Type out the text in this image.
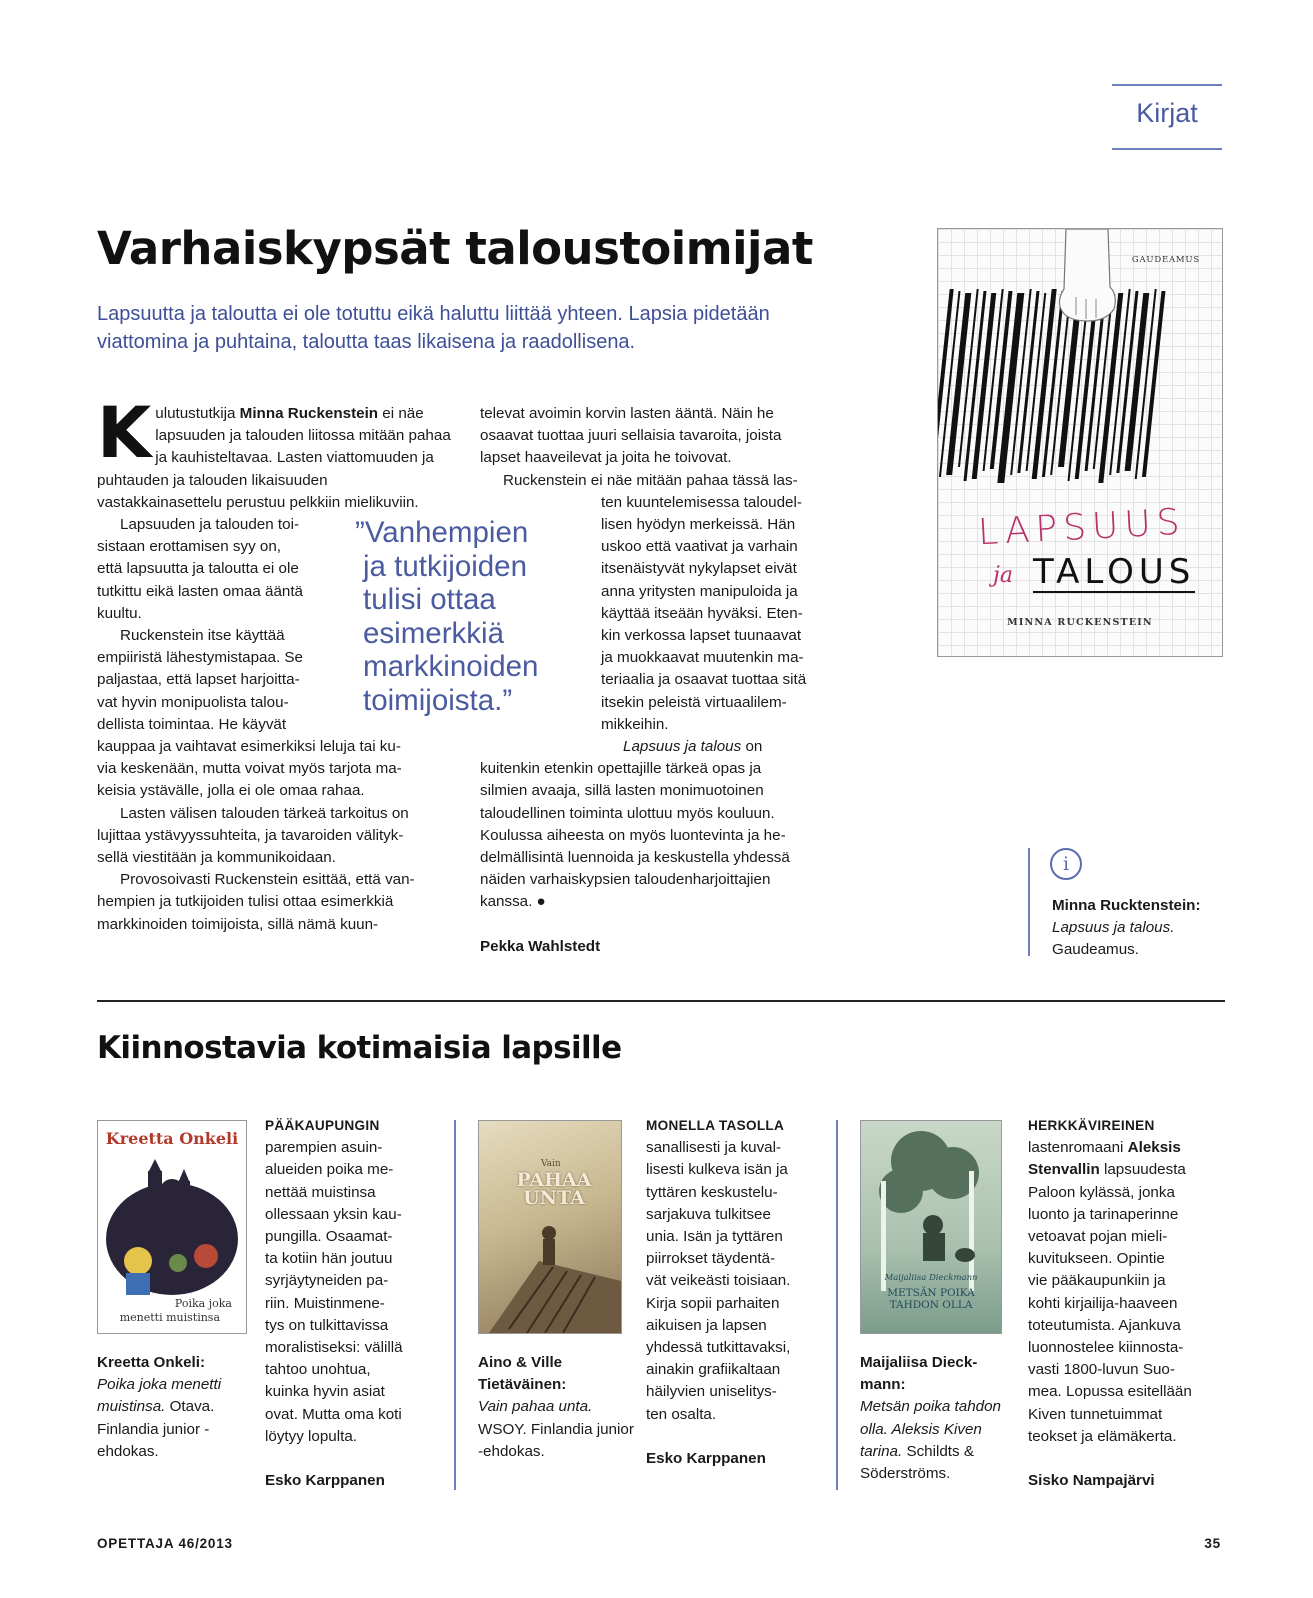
Kirjat
Varhaiskypsät taloustoimijat
Lapsuutta ja taloutta ei ole totuttu eikä haluttu liittää yhteen. Lapsia pidetään viattomina ja puhtaina, taloutta taas likaisena ja raadollisena.

Kulutustutkija Minna Ruckenstein ei näe lapsuuden ja talouden liitossa mitään pahaa ja kauhisteltavaa. Lasten viattomuuden ja puhtauden ja talouden likaisuuden vastakkainasettelu perustuu pelkkiin mielikuviin.

Lapsuuden ja talouden toi-
sistaan erottamisen syy on,
että lapsuutta ja taloutta ei ole
tutkittu eikä lasten omaa ääntä
kuultu.
Ruckenstein itse käyttää
empiiristä lähestymistapaa. Se
paljastaa, että lapset harjoitta-
vat hyvin monipuolista talou-
dellista toimintaa. He käyvät
kauppaa ja vaihtavat esimerkiksi leluja tai ku-
via keskenään, mutta voivat myös tarjota ma-
keisia ystävälle, jolla ei ole omaa rahaa.
Lasten välisen talouden tärkeä tarkoitus on
lujittaa ystävyyssuhteita, ja tavaroiden välityk-
sellä viestitään ja kommunikoidaan.
Provosoivasti Ruckenstein esittää, että van-
hempien ja tutkijoiden tulisi ottaa esimerkkiä
markkinoiden toimijoista, sillä nämä kuun-
”Vanhempien
ja tutkijoiden
tulisi ottaa
esimerkkiä
markkinoiden
toimijoista.”
televat avoimin korvin lasten ääntä. Näin he
osaavat tuottaa juuri sellaisia tavaroita, joista
lapset haaveilevat ja joita he toivovat.
Ruckenstein ei näe mitään pahaa tässä las-
ten kuuntelemisessa taloudel-
lisen hyödyn merkeissä. Hän
uskoo että vaativat ja varhain
itsenäistyvät nykylapset eivät
anna yritysten manipuloida ja
käyttää itseään hyväksi. Eten-
kin verkossa lapset tuunaavat
ja muokkaavat muutenkin ma-
teriaalia ja osaavat tuottaa sitä
itsekin peleistä virtuaalilem-
mikkeihin.
Lapsuus ja talous on
kuitenkin etenkin opettajille tärkeä opas ja
silmien avaaja, sillä lasten monimuotoinen
taloudellinen toiminta ulottuu myös kouluun.
Koulussa aiheesta on myös luontevinta ja he-
delmällisintä luennoida ja keskustella yhdessä
näiden varhaiskypsien taloudenharjoittajien
kanssa. ●
Pekka Wahlstedt
GAUDEAMUS
LAPSUUS
ja TALOUS
MINNA RUCKENSTEIN
i
Minna Rucktenstein:
Lapsuus ja talous.
Gaudeamus.
Kiinnostavia kotimaisia lapsille
Kreetta Onkeli
Poika joka
menetti muistinsa
Kreetta Onkeli:
Poika joka menetti muistinsa. Otava. Finlandia junior -ehdokas.
PÄÄKAUPUNGIN
parempien asuin-
alueiden poika me-
nettää muistinsa
ollessaan yksin kau-
pungilla. Osaamat-
ta kotiin hän joutuu
syrjäytyneiden pa-
riin. Muistinmene-
tys on tulkittavissa
moralistiseksi: välillä
tahtoo unohtua,
kuinka hyvin asiat
ovat. Mutta oma koti
löytyy lopulta.
Esko Karppanen
Vain
PAHAA UNTA
Aino & Ville Tietäväinen:
Vain pahaa unta. WSOY. Finlandia junior -ehdokas.
MONELLA TASOLLA
sanallisesti ja kuval-
lisesti kulkeva isän ja
tyttären keskustelu-
sarjakuva tulkitsee
unia. Isän ja tyttären
piirrokset täydentä-
vät veikeästi toisiaan.
Kirja sopii parhaiten
aikuisen ja lapsen
yhdessä tutkittavaksi,
ainakin grafiikaltaan
häilyvien uniselitys-
ten osalta.
Esko Karppanen
Maijaliisa Dieckmann
METSÄN POIKA TAHDON OLLA
Maijaliisa Dieck-mann:
Metsän poika tahdon olla. Aleksis Kiven tarina. Schildts & Söderströms.
HERKKÄVIREINEN
lastenromaani Aleksis Stenvallin lapsuudesta
Paloon kylässä, jonka
luonto ja tarinaperinne
vetoavat pojan mieli-
kuvitukseen. Opintie
vie pääkaupunkiin ja
kohti kirjailija-haaveen
toteutumista. Ajankuva
luonnostelee kiinnosta-
vasti 1800-luvun Suo-
mea. Lopussa esitellään
Kiven tunnetuimmat
teokset ja elämäkerta.
Sisko Nampajärvi
OPETTAJA 46/2013	35
